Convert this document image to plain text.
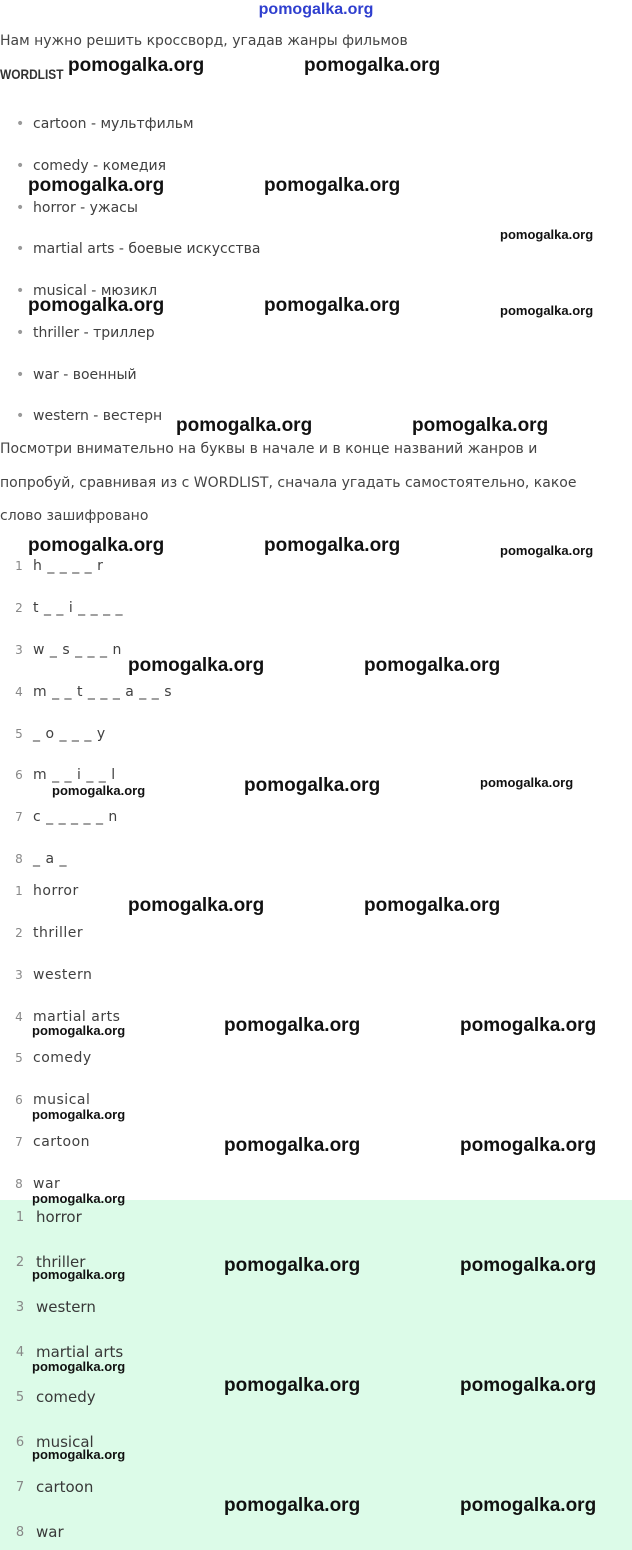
pomogalka.org
Нам нужно решить кроссворд, угадав жанры фильмов
WORDLIST
• cartoon - мультфильм
• comedy - комедия
• horror - ужасы
• martial arts - боевые искусства
• musical - мюзикл
• thriller - триллер
• war - военный
• western - вестерн
Посмотри внимательно на буквы в начале и в конце названий жанров и
попробуй, сравнивая из с WORDLIST, сначала угадать самостоятельно, какое
слово зашифровано
1 h _ _ _ _ r
2 t _ _ i _ _ _ _
3 w _ s _ _ _ n
4 m _ _ t _ _ _ a _ _ s
5 _ o _ _ _ y
6 m _ _ i _ _ l
7 c _ _ _ _ _ n
8 _ a _
1 horror
2 thriller
3 western
4 martial arts
5 comedy
6 musical
7 cartoon
8 war
1 horror
2 thriller
3 western
4 martial arts
5 comedy
6 musical
7 cartoon
8 war
pomogalka.org	pomogalka.org
pomogalka.org	pomogalka.org
pomogalka.org	pomogalka.org
pomogalka.org	pomogalka.org
pomogalka.org	pomogalka.org
pomogalka.org	pomogalka.org
pomogalka.org
pomogalka.org	pomogalka.org
pomogalka.org	pomogalka.org
pomogalka.org	pomogalka.org
pomogalka.org	pomogalka.org
pomogalka.org	pomogalka.org
pomogalka.org	pomogalka.org
pomogalka.org
pomogalka.org
pomogalka.org
pomogalka.org
pomogalka.org
pomogalka.org
pomogalka.org
pomogalka.org
pomogalka.org
pomogalka.org
pomogalka.org
